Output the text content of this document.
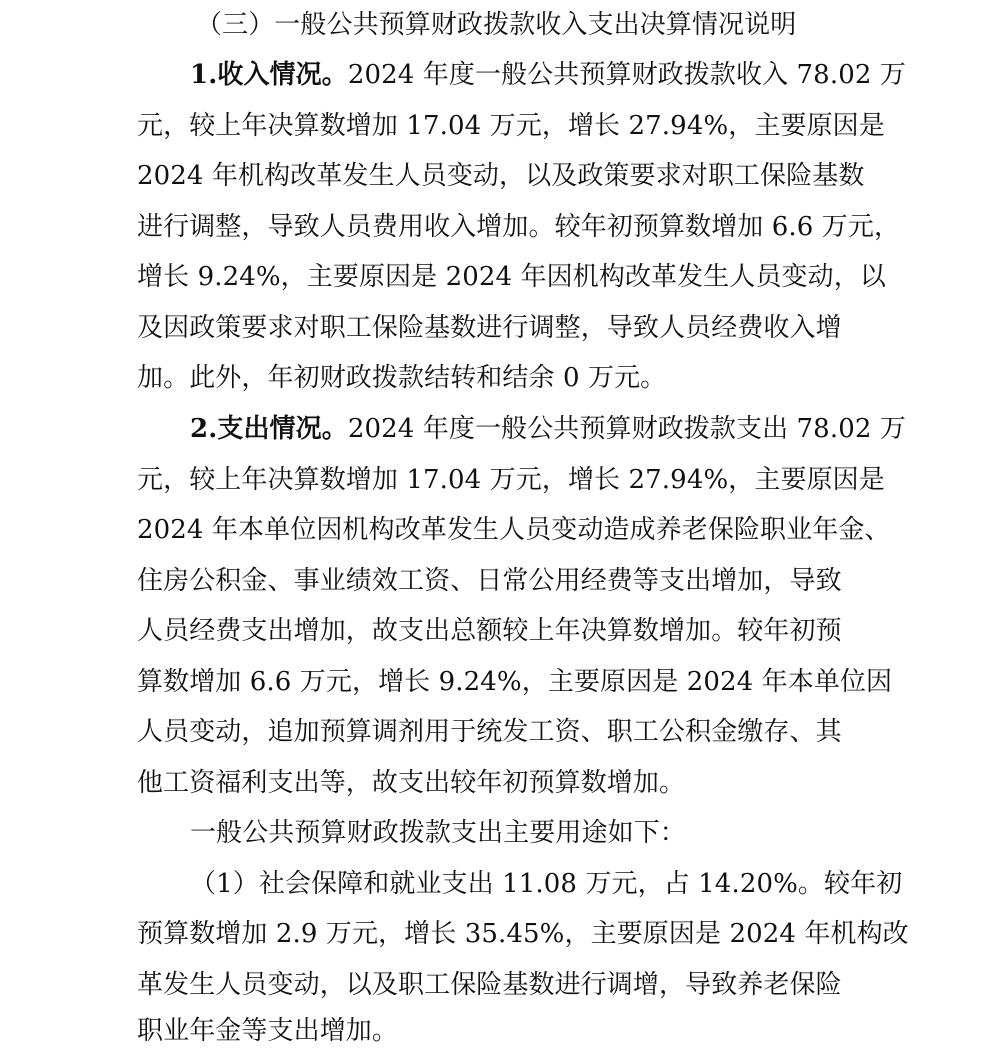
（三）一般公共预算财政拨款收入支出决算情况说明
1.收入情况。2024 年度一般公共预算财政拨款收入 78.02 万
元，较上年决算数增加 17.04 万元，增长 27.94%，主要原因是
2024 年机构改革发生人员变动，以及政策要求对职工保险基数
进行调整，导致人员费用收入增加。较年初预算数增加 6.6 万元，
增长 9.24%，主要原因是 2024 年因机构改革发生人员变动，以
及因政策要求对职工保险基数进行调整，导致人员经费收入增
加。此外，年初财政拨款结转和结余 0 万元。
2.支出情况。2024 年度一般公共预算财政拨款支出 78.02 万
元，较上年决算数增加 17.04 万元，增长 27.94%，主要原因是
2024 年本单位因机构改革发生人员变动造成养老保险职业年金、
住房公积金、事业绩效工资、日常公用经费等支出增加，导致
人员经费支出增加，故支出总额较上年决算数增加。较年初预
算数增加 6.6 万元，增长 9.24%，主要原因是 2024 年本单位因
人员变动，追加预算调剂用于统发工资、职工公积金缴存、其
他工资福利支出等，故支出较年初预算数增加。
一般公共预算财政拨款支出主要用途如下：
（1）社会保障和就业支出 11.08 万元，占 14.20%。较年初
预算数增加 2.9 万元，增长 35.45%，主要原因是 2024 年机构改
革发生人员变动，以及职工保险基数进行调增，导致养老保险
职业年金等支出增加。
